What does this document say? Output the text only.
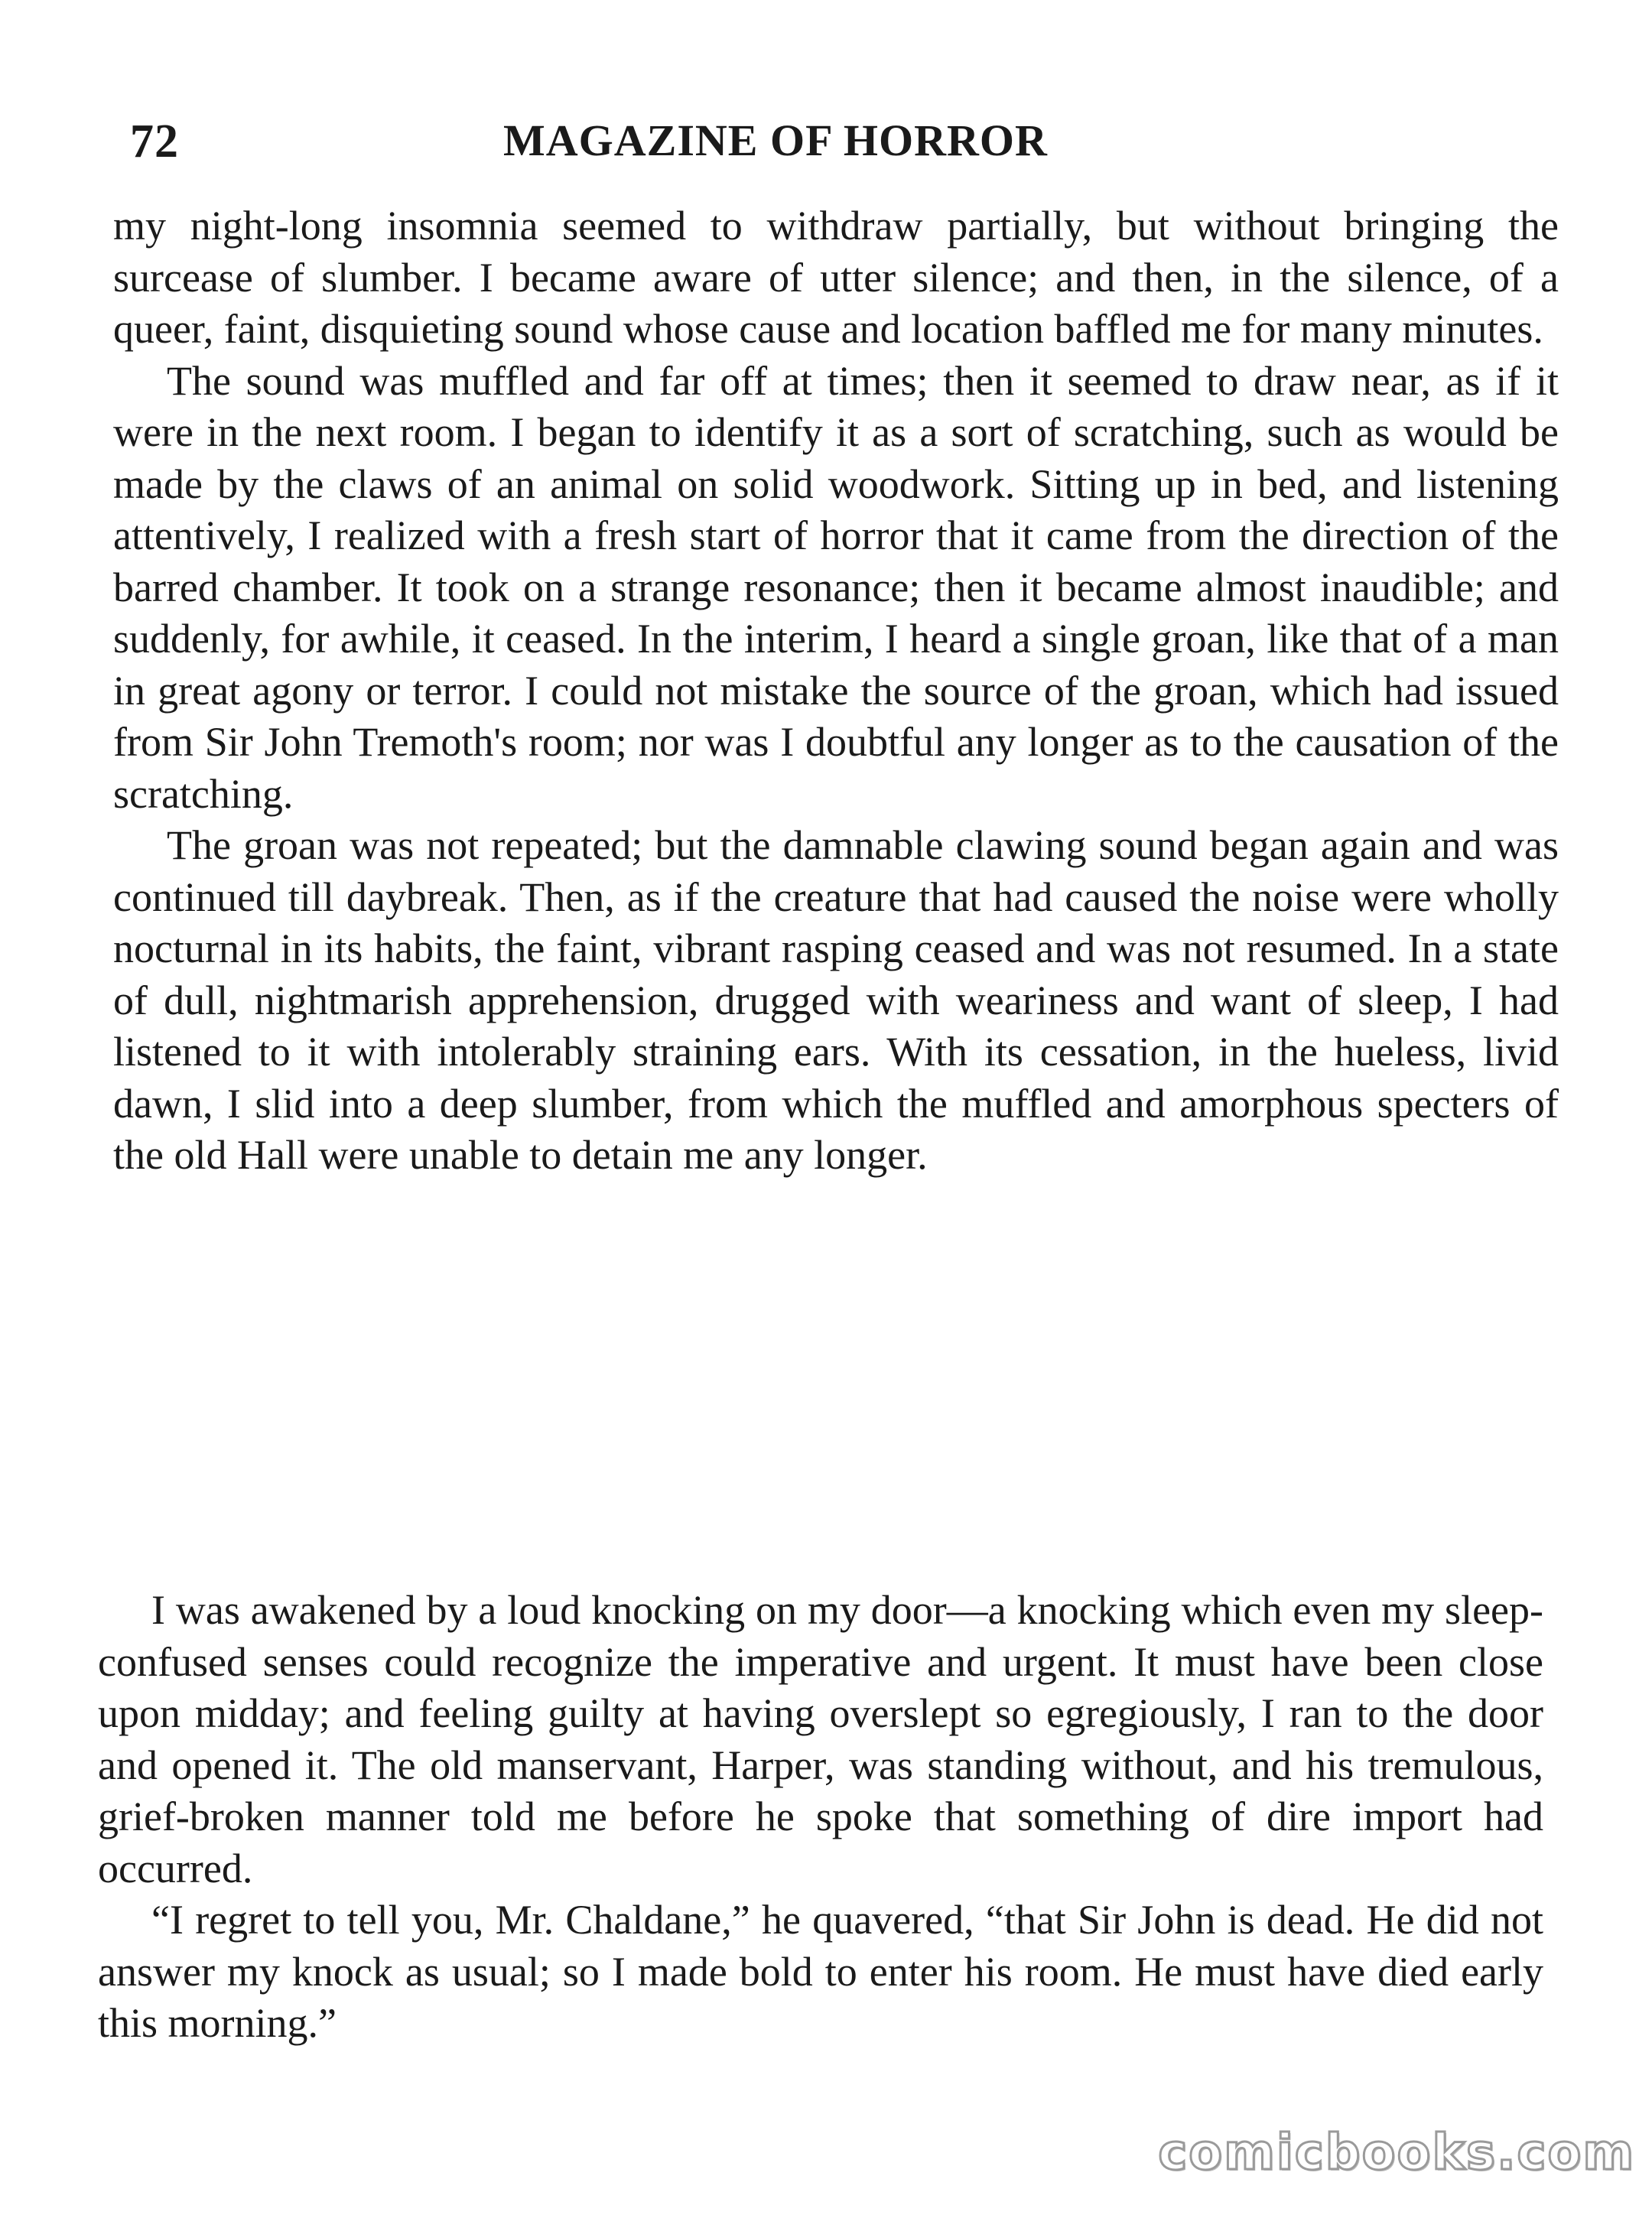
72	MAGAZINE OF HORROR

my night-long insomnia seemed to withdraw partially, but without bringing the surcease of slumber. I became aware of utter silence; and then, in the silence, of a queer, faint, disquieting sound whose cause and location baffled me for many minutes.

The sound was muffled and far off at times; then it seemed to draw near, as if it were in the next room. I began to identify it as a sort of scratching, such as would be made by the claws of an animal on solid woodwork. Sitting up in bed, and listening attentively, I realized with a fresh start of horror that it came from the direction of the barred chamber. It took on a strange resonance; then it became almost inaudible; and suddenly, for awhile, it ceased. In the interim, I heard a single groan, like that of a man in great agony or terror. I could not mistake the source of the groan, which had issued from Sir John Tremoth's room; nor was I doubtful any longer as to the causation of the scratching.

The groan was not repeated; but the damnable clawing sound began again and was continued till daybreak. Then, as if the creature that had caused the noise were wholly nocturnal in its habits, the faint, vibrant rasping ceased and was not resumed. In a state of dull, nightmarish apprehension, drugged with weariness and want of sleep, I had listened to it with intolerably straining ears. With its cessation, in the hueless, livid dawn, I slid into a deep slumber, from which the muffled and amorphous specters of the old Hall were unable to detain me any longer.

I was awakened by a loud knocking on my door—a knocking which even my sleep-confused senses could recognize the imperative and urgent. It must have been close upon midday; and feeling guilty at having overslept so egregiously, I ran to the door and opened it. The old manservant, Harper, was standing without, and his tremulous, grief-broken manner told me before he spoke that something of dire import had occurred.

“I regret to tell you, Mr. Chaldane,” he quavered, “that Sir John is dead. He did not answer my knock as usual; so I made bold to enter his room. He must have died early this morning.”

comicbooks.com
